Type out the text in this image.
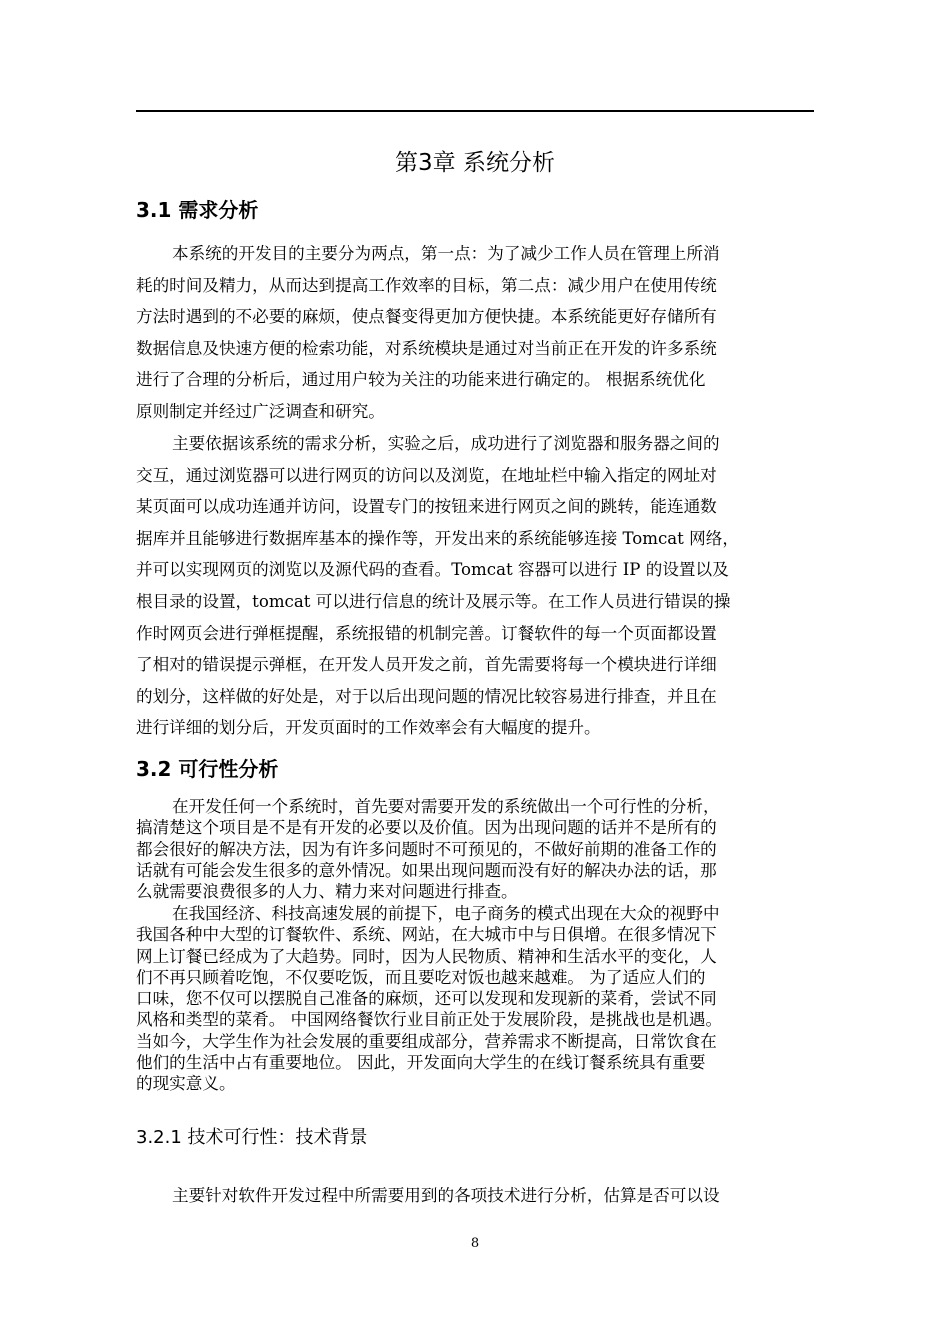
第3章 系统分析
3.1 需求分析

本系统的开发目的主要分为两点，第一点：为了减少工作人员在管理上所消
耗的时间及精力，从而达到提高工作效率的目标，第二点：减少用户在使用传统
方法时遇到的不必要的麻烦，使点餐变得更加方便快捷。本系统能更好存储所有
数据信息及快速方便的检索功能，对系统模块是通过对当前正在开发的许多系统
进行了合理的分析后，通过用户较为关注的功能来进行确定的。 根据系统优化
原则制定并经过广泛调查和研究。

主要依据该系统的需求分析，实验之后，成功进行了浏览器和服务器之间的
交互，通过浏览器可以进行网页的访问以及浏览，在地址栏中输入指定的网址对
某页面可以成功连通并访问，设置专门的按钮来进行网页之间的跳转，能连通数
据库并且能够进行数据库基本的操作等，开发出来的系统能够连接 Tomcat 网络，
并可以实现网页的浏览以及源代码的查看。Tomcat 容器可以进行 IP 的设置以及
根目录的设置，tomcat 可以进行信息的统计及展示等。在工作人员进行错误的操
作时网页会进行弹框提醒，系统报错的机制完善。订餐软件的每一个页面都设置
了相对的错误提示弹框，在开发人员开发之前，首先需要将每一个模块进行详细
的划分，这样做的好处是，对于以后出现问题的情况比较容易进行排查，并且在
进行详细的划分后，开发页面时的工作效率会有大幅度的提升。

3.2 可行性分析

在开发任何一个系统时，首先要对需要开发的系统做出一个可行性的分析，
搞清楚这个项目是不是有开发的必要以及价值。因为出现问题的话并不是所有的
都会很好的解决方法，因为有许多问题时不可预见的，不做好前期的准备工作的
话就有可能会发生很多的意外情况。如果出现问题而没有好的解决办法的话，那
么就需要浪费很多的人力、精力来对问题进行排查。

在我国经济、科技高速发展的前提下，电子商务的模式出现在大众的视野中
我国各种中大型的订餐软件、系统、网站，在大城市中与日俱增。在很多情况下
网上订餐已经成为了大趋势。同时，因为人民物质、精神和生活水平的变化，人
们不再只顾着吃饱，不仅要吃饭，而且要吃对饭也越来越难。 为了适应人们的
口味，您不仅可以摆脱自己准备的麻烦，还可以发现和发现新的菜肴，尝试不同
风格和类型的菜肴。 中国网络餐饮行业目前正处于发展阶段，是挑战也是机遇。
当如今，大学生作为社会发展的重要组成部分，营养需求不断提高，日常饮食在
他们的生活中占有重要地位。 因此，开发面向大学生的在线订餐系统具有重要
的现实意义。

3.2.1 技术可行性：技术背景

主要针对软件开发过程中所需要用到的各项技术进行分析，估算是否可以设

8
